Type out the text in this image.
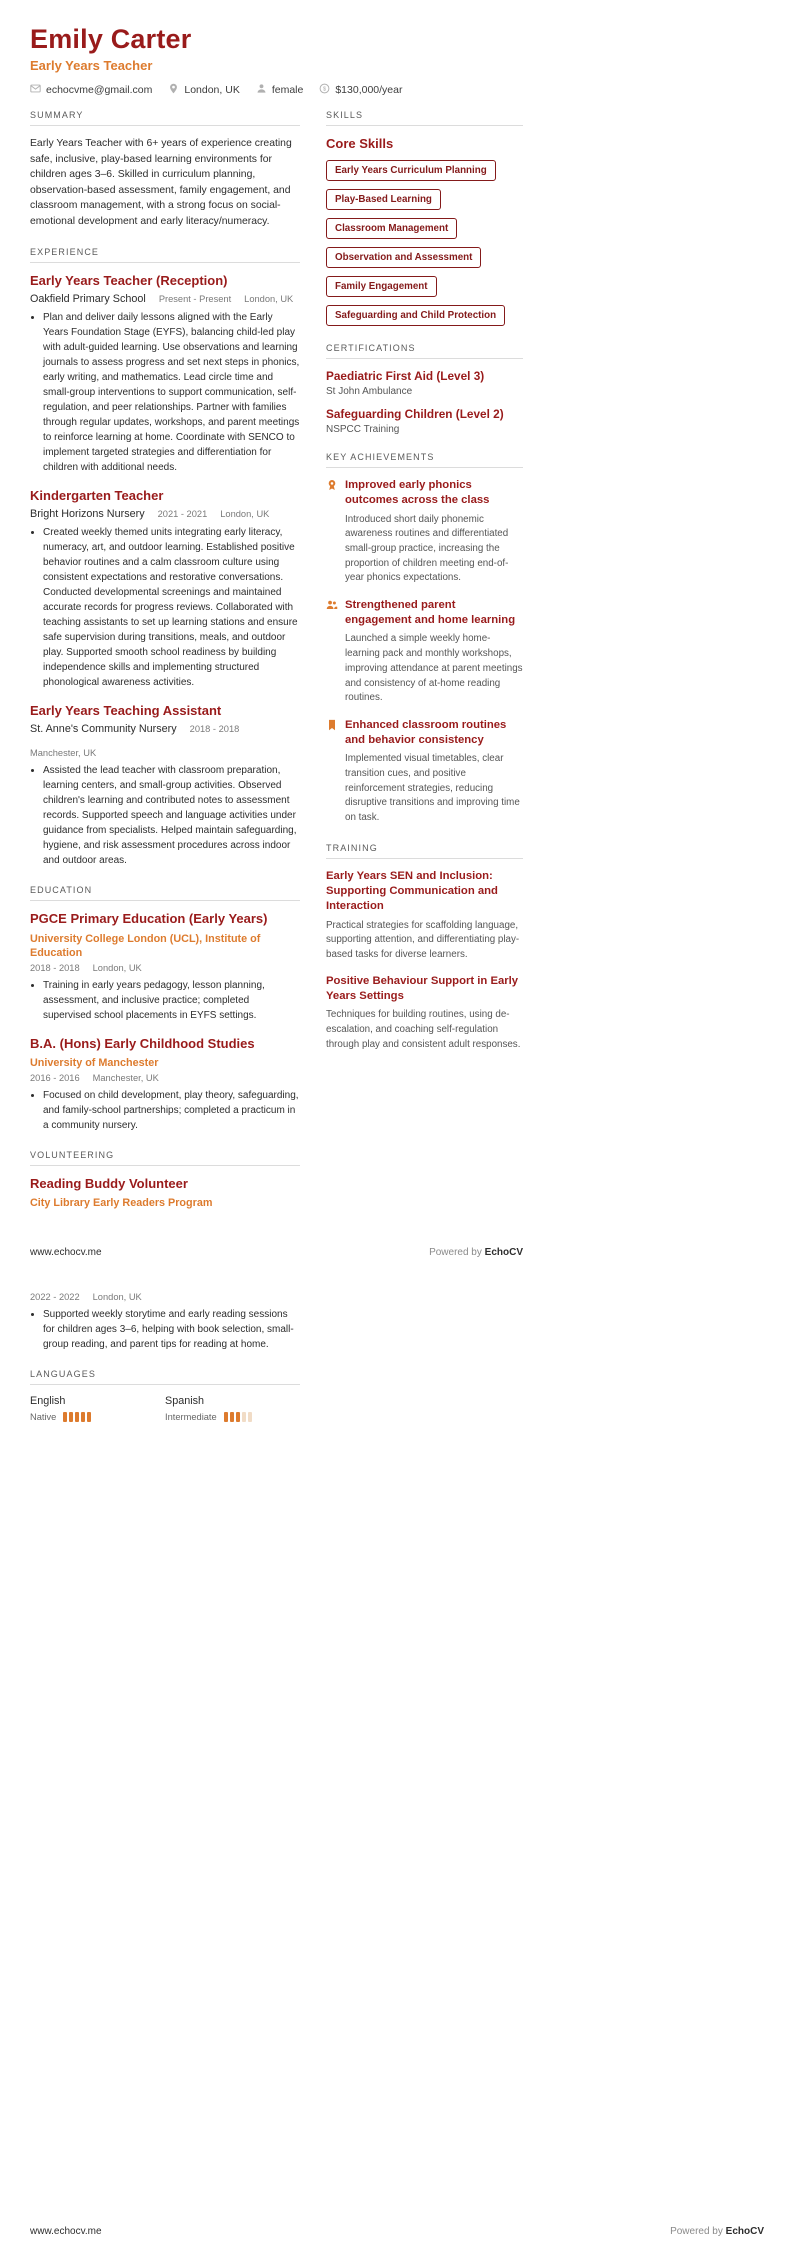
Emily Carter
Early Years Teacher
echocvme@gmail.com	London, UK	female $ $130,000/year
SUMMARY
Early Years Teacher with 6+ years of experience creating safe, inclusive, play-based learning environments for children ages 3–6. Skilled in curriculum planning, observation-based assessment, family engagement, and classroom management, with a strong focus on social-emotional development and early literacy/numeracy.
EXPERIENCE
Early Years Teacher (Reception)
Oakfield Primary School Present - Present London, UK
• Plan and deliver daily lessons aligned with the Early Years Foundation Stage (EYFS), balancing child-led play with adult-guided learning. Use observations and learning journals to assess progress and set next steps in phonics, early writing, and mathematics. Lead circle time and small-group interventions to support communication, self-regulation, and peer relationships. Partner with families through regular updates, workshops, and parent meetings to reinforce learning at home. Coordinate with SENCO to implement targeted strategies and differentiation for children with additional needs.
Kindergarten Teacher
Bright Horizons Nursery 2021 - 2021 London, UK
• Created weekly themed units integrating early literacy, numeracy, art, and outdoor learning. Established positive behavior routines and a calm classroom culture using consistent expectations and restorative conversations. Conducted developmental screenings and maintained accurate records for progress reviews. Collaborated with teaching assistants to set up learning stations and ensure safe supervision during transitions, meals, and outdoor play. Supported smooth school readiness by building independence skills and implementing structured phonological awareness activities.
Early Years Teaching Assistant
St. Anne's Community Nursery 2018 - 2018
Manchester, UK
• Assisted the lead teacher with classroom preparation, learning centers, and small-group activities. Observed children's learning and contributed notes to assessment records. Supported speech and language activities under guidance from specialists. Helped maintain safeguarding, hygiene, and risk assessment procedures across indoor and outdoor areas.
EDUCATION
PGCE Primary Education (Early Years)
University College London (UCL), Institute of Education
2018 - 2018 London, UK
• Training in early years pedagogy, lesson planning, assessment, and inclusive practice; completed supervised school placements in EYFS settings.
B.A. (Hons) Early Childhood Studies
University of Manchester
2016 - 2016 Manchester, UK
• Focused on child development, play theory, safeguarding, and family-school partnerships; completed a practicum in a community nursery.
VOLUNTEERING
Reading Buddy Volunteer
City Library Early Readers Program
SKILLS
Core Skills
Early Years Curriculum Planning
Play-Based Learning
Classroom Management
Observation and Assessment
Family Engagement
Safeguarding and Child Protection
CERTIFICATIONS
Paediatric First Aid (Level 3)
St John Ambulance
Safeguarding Children (Level 2)
NSPCC Training
KEY ACHIEVEMENTS
Improved early phonics outcomes across the class
Introduced short daily phonemic awareness routines and differentiated small-group practice, increasing the proportion of children meeting end-of-year phonics expectations.
Strengthened parent engagement and home learning
Launched a simple weekly home-learning pack and monthly workshops, improving attendance at parent meetings and consistency of at-home reading routines.
Enhanced classroom routines and behavior consistency
Implemented visual timetables, clear transition cues, and positive reinforcement strategies, reducing disruptive transitions and improving time on task.
TRAINING
Early Years SEN and Inclusion: Supporting Communication and Interaction
Practical strategies for scaffolding language, supporting attention, and differentiating play-based tasks for diverse learners.
Positive Behaviour Support in Early Years Settings
Techniques for building routines, using de-escalation, and coaching self-regulation through play and consistent adult responses.
www.echocv.me	Powered by EchoCV
2022 - 2022 London, UK
• Supported weekly storytime and early reading sessions for children ages 3–6, helping with book selection, small-group reading, and parent tips for reading at home.
LANGUAGES
English
Native
Spanish
Intermediate
www.echocv.me	Powered by EchoCV
